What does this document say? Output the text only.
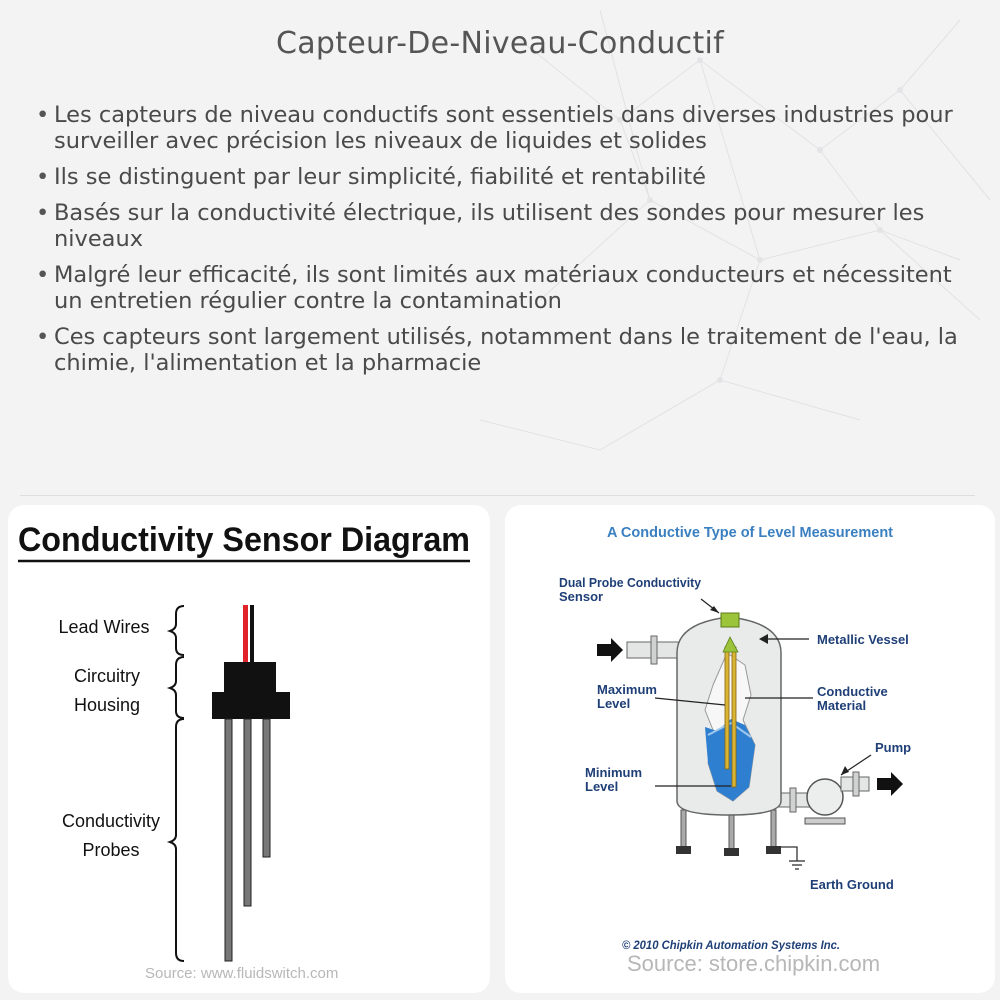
Capteur-De-Niveau-Conductif
• Les capteurs de niveau conductifs sont essentiels dans diverses industries pour surveiller avec précision les niveaux de liquides et solides
• Ils se distinguent par leur simplicité, fiabilité et rentabilité
• Basés sur la conductivité électrique, ils utilisent des sondes pour mesurer les niveaux
• Malgré leur efficacité, ils sont limités aux matériaux conducteurs et nécessitent un entretien régulier contre la contamination
• Ces capteurs sont largement utilisés, notamment dans le traitement de l'eau, la chimie, l'alimentation et la pharmacie
Conductivity Sensor Diagram
Lead Wires
Circuitry
Housing
Conductivity
Probes
Source: www.fluidswitch.com
A Conductive Type of Level Measurement
Dual Probe Conductivity
Sensor
Metallic Vessel
Maximum
Level
Conductive
Material
Pump
Minimum
Level
Earth Ground
© 2010 Chipkin Automation Systems Inc.
Source: store.chipkin.com
